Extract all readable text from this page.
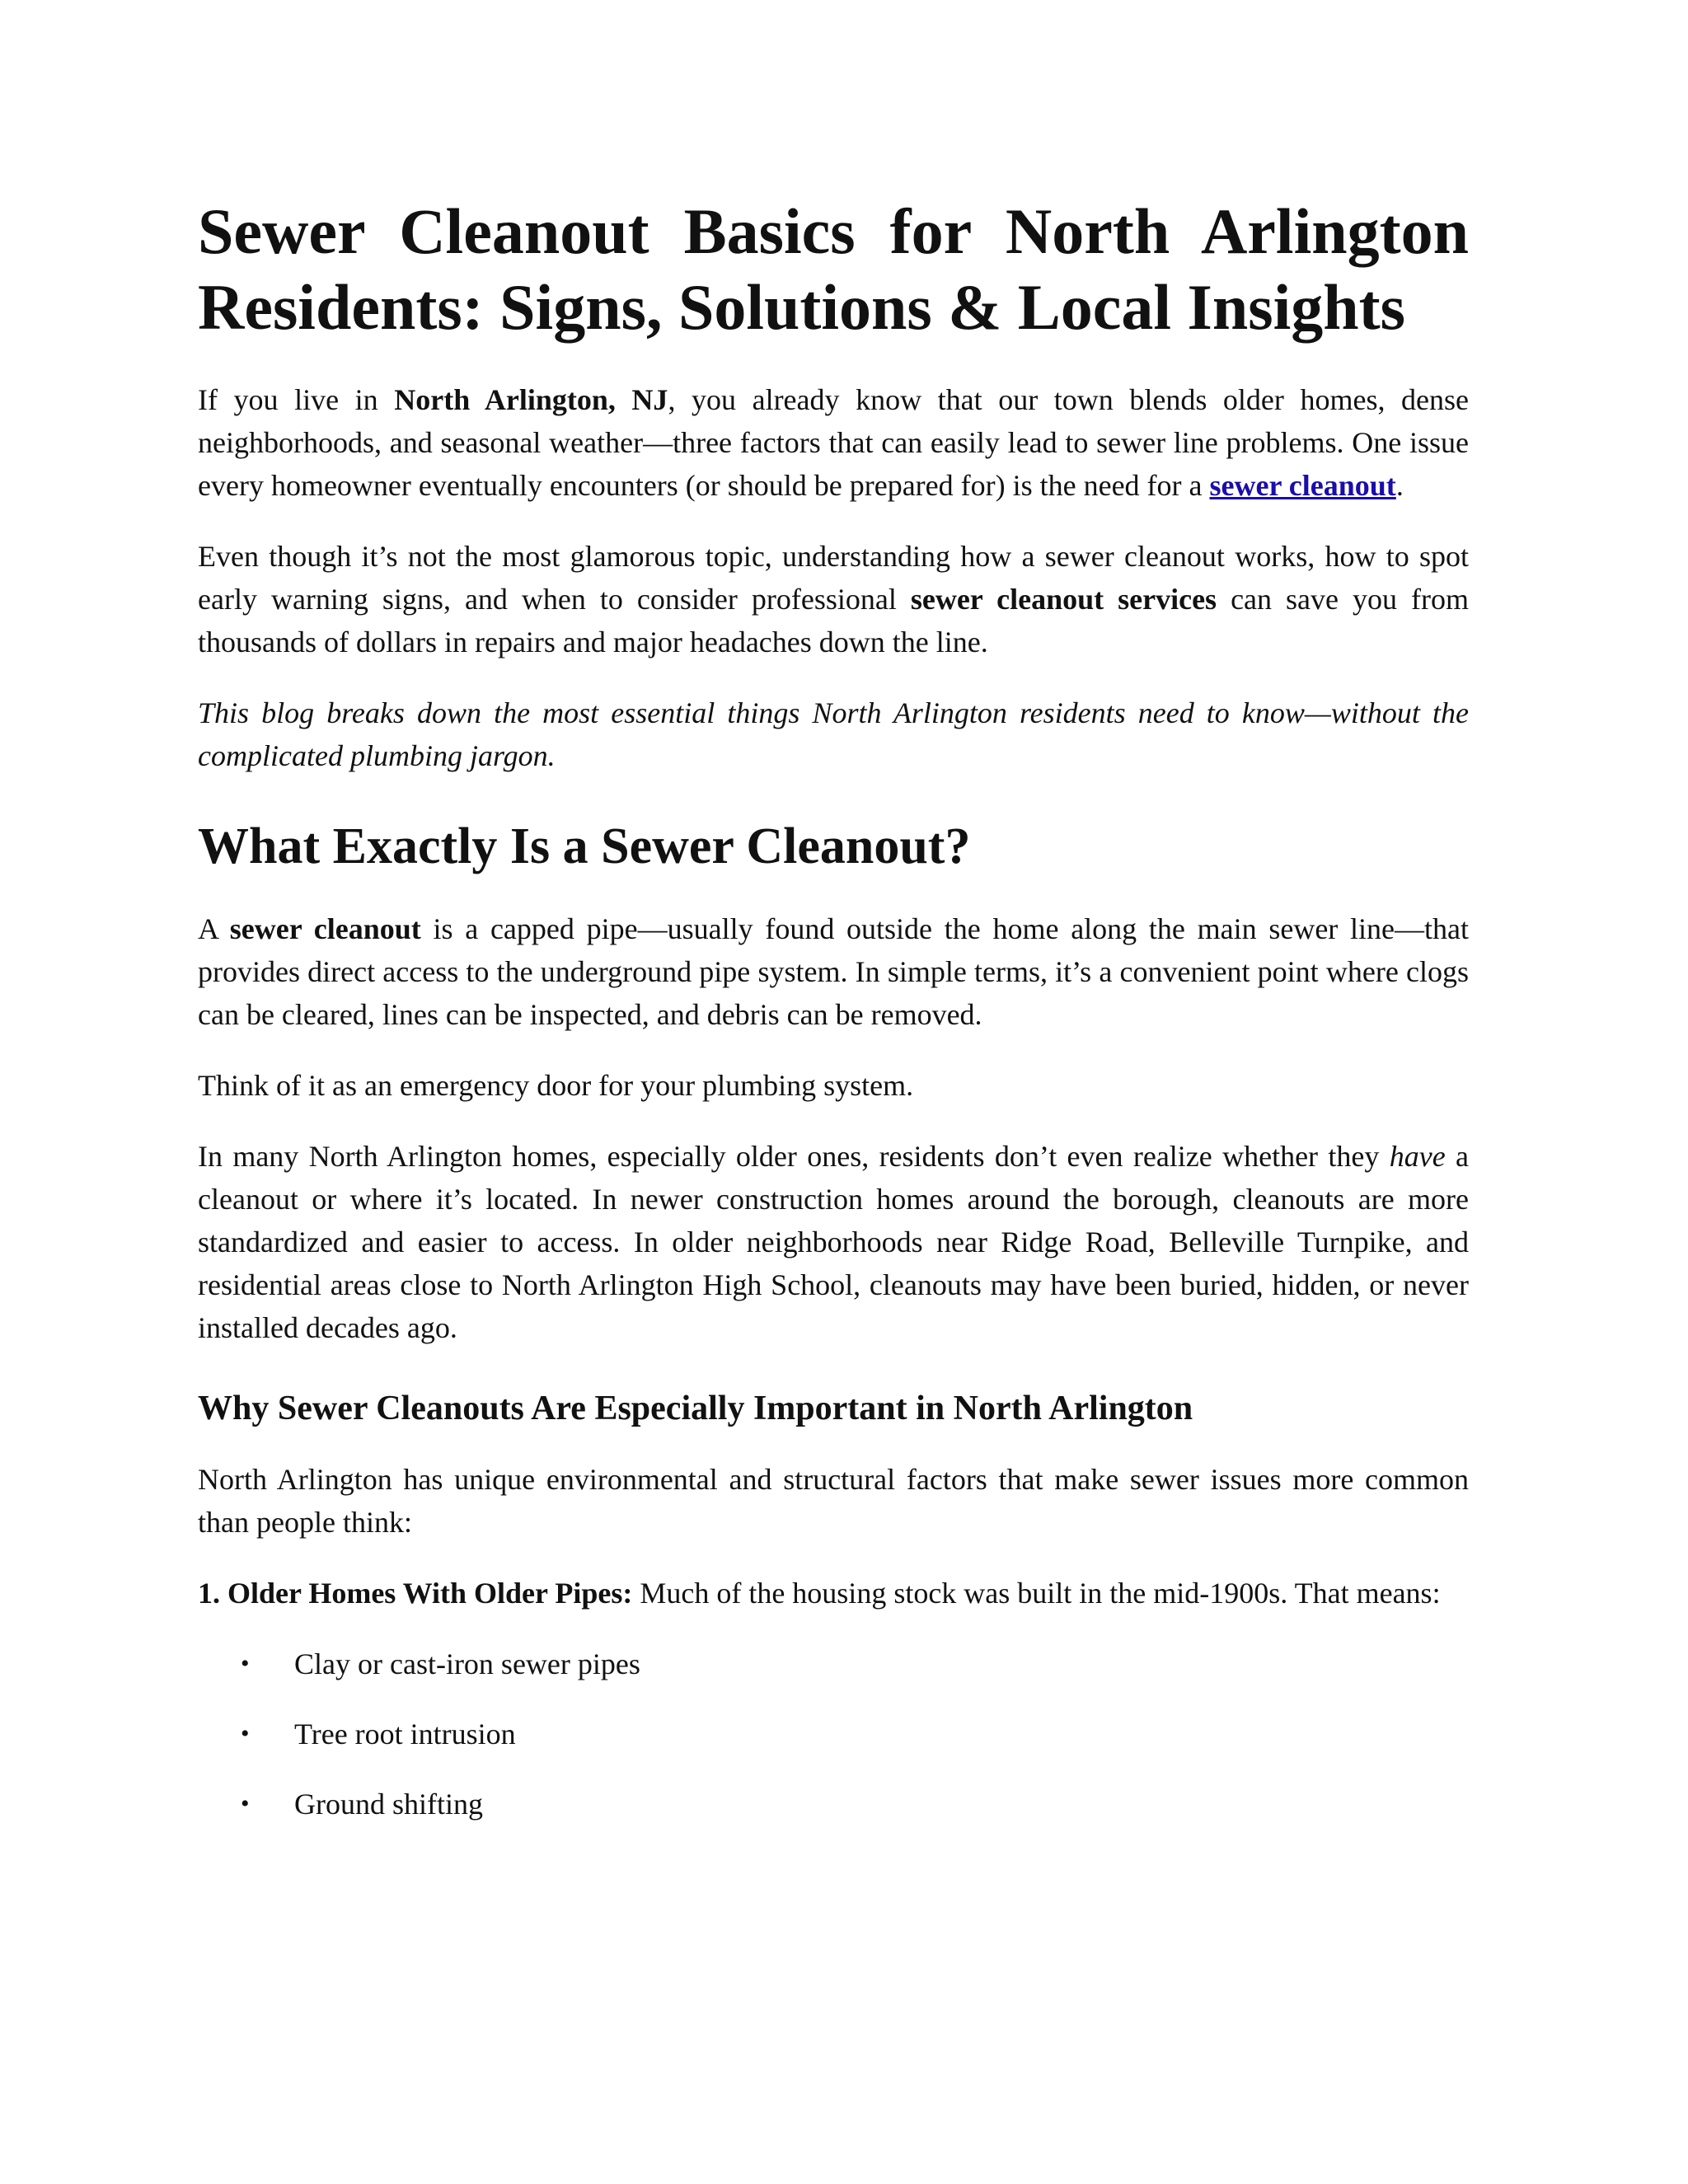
Sewer Cleanout Basics for North Arlington
Residents: Signs, Solutions & Local Insights

If you live in North Arlington, NJ, you already know that our town blends older homes, dense neighborhoods, and seasonal weather—three factors that can easily lead to sewer line problems. One issue every homeowner eventually encounters (or should be prepared for) is the need for a sewer cleanout.

Even though it’s not the most glamorous topic, understanding how a sewer cleanout works, how to spot early warning signs, and when to consider professional sewer cleanout services can save you from thousands of dollars in repairs and major headaches down the line.

This blog breaks down the most essential things North Arlington residents need to know—without the complicated plumbing jargon.

What Exactly Is a Sewer Cleanout?

A sewer cleanout is a capped pipe—usually found outside the home along the main sewer line—that provides direct access to the underground pipe system. In simple terms, it’s a convenient point where clogs can be cleared, lines can be inspected, and debris can be removed.

Think of it as an emergency door for your plumbing system.

In many North Arlington homes, especially older ones, residents don’t even realize whether they have a cleanout or where it’s located. In newer construction homes around the borough, cleanouts are more standardized and easier to access. In older neighborhoods near Ridge Road, Belleville Turnpike, and residential areas close to North Arlington High School, cleanouts may have been buried, hidden, or never installed decades ago.

Why Sewer Cleanouts Are Especially Important in North Arlington

North Arlington has unique environmental and structural factors that make sewer issues more common than people think:

1. Older Homes With Older Pipes: Much of the housing stock was built in the mid-1900s. That means:

• Clay or cast-iron sewer pipes
• Tree root intrusion
• Ground shifting
